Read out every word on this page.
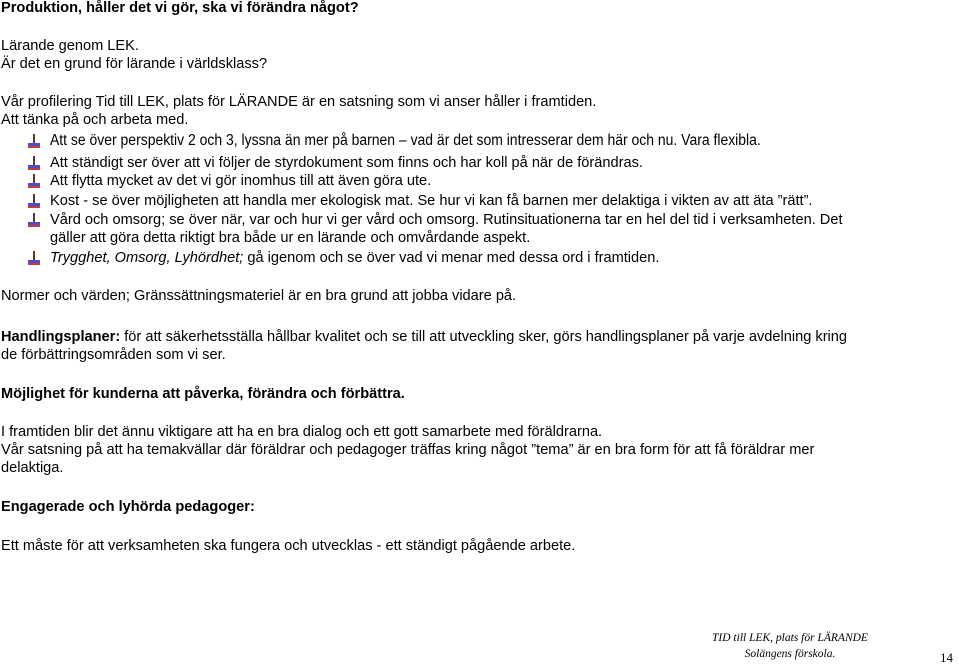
Produktion, håller det vi gör, ska vi förändra något?
Lärande genom LEK.
Är det en grund för lärande i världsklass?
Vår profilering Tid till LEK, plats för LÄRANDE är en satsning som vi anser håller i framtiden.
Att tänka på och arbeta med.
Att se över perspektiv 2 och 3, lyssna än mer på barnen – vad är det som intresserar dem här och nu. Vara flexibla.
Att ständigt ser över att vi följer de styrdokument som finns och har koll på när de förändras.
Att flytta mycket av det vi gör inomhus till att även göra ute.
Kost - se över möjligheten att handla mer ekologisk mat. Se hur vi kan få barnen mer delaktiga i vikten av att äta ”rätt”.
Vård och omsorg; se över när, var och hur vi ger vård och omsorg. Rutinsituationerna tar en hel del tid i verksamheten. Det
gäller att göra detta riktigt bra både ur en lärande och omvårdande aspekt.
Trygghet, Omsorg, Lyhördhet; gå igenom och se över vad vi menar med dessa ord i framtiden.
Normer och värden; Gränssättningsmateriel är en bra grund att jobba vidare på.
Handlingsplaner: för att säkerhetsställa hållbar kvalitet och se till att utveckling sker, görs handlingsplaner på varje avdelning kring
de förbättringsområden som vi ser.
Möjlighet för kunderna att påverka, förändra och förbättra.
I framtiden blir det ännu viktigare att ha en bra dialog och ett gott samarbete med föräldrarna.
Vår satsning på att ha temakvällar där föräldrar och pedagoger träffas kring något ”tema” är en bra form för att få föräldrar mer
delaktiga.
Engagerade och lyhörda pedagoger:
Ett måste för att verksamheten ska fungera och utvecklas - ett ständigt pågående arbete.
TID till LEK, plats för LÄRANDE
Solängens förskola.	14
